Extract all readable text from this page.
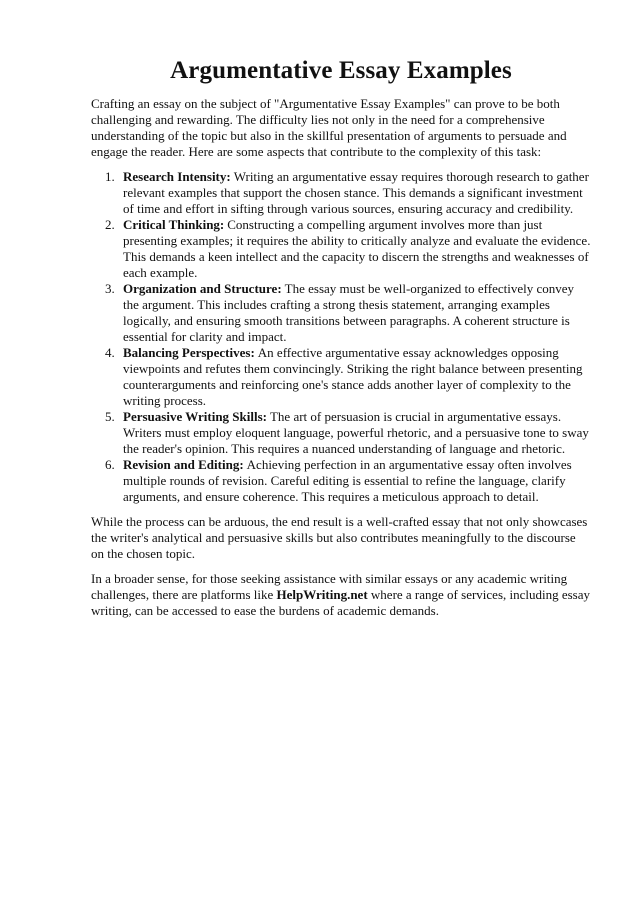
Argumentative Essay Examples

Crafting an essay on the subject of "Argumentative Essay Examples" can prove to be both challenging and rewarding. The difficulty lies not only in the need for a comprehensive understanding of the topic but also in the skillful presentation of arguments to persuade and engage the reader. Here are some aspects that contribute to the complexity of this task:

1. Research Intensity: Writing an argumentative essay requires thorough research to gather relevant examples that support the chosen stance. This demands a significant investment of time and effort in sifting through various sources, ensuring accuracy and credibility.
2. Critical Thinking: Constructing a compelling argument involves more than just presenting examples; it requires the ability to critically analyze and evaluate the evidence. This demands a keen intellect and the capacity to discern the strengths and weaknesses of each example.
3. Organization and Structure: The essay must be well-organized to effectively convey the argument. This includes crafting a strong thesis statement, arranging examples logically, and ensuring smooth transitions between paragraphs. A coherent structure is essential for clarity and impact.
4. Balancing Perspectives: An effective argumentative essay acknowledges opposing viewpoints and refutes them convincingly. Striking the right balance between presenting counterarguments and reinforcing one's stance adds another layer of complexity to the writing process.
5. Persuasive Writing Skills: The art of persuasion is crucial in argumentative essays. Writers must employ eloquent language, powerful rhetoric, and a persuasive tone to sway the reader's opinion. This requires a nuanced understanding of language and rhetoric.
6. Revision and Editing: Achieving perfection in an argumentative essay often involves multiple rounds of revision. Careful editing is essential to refine the language, clarify arguments, and ensure coherence. This requires a meticulous approach to detail.

While the process can be arduous, the end result is a well-crafted essay that not only showcases the writer's analytical and persuasive skills but also contributes meaningfully to the discourse on the chosen topic.

In a broader sense, for those seeking assistance with similar essays or any academic writing challenges, there are platforms like HelpWriting.net where a range of services, including essay writing, can be accessed to ease the burdens of academic demands.
